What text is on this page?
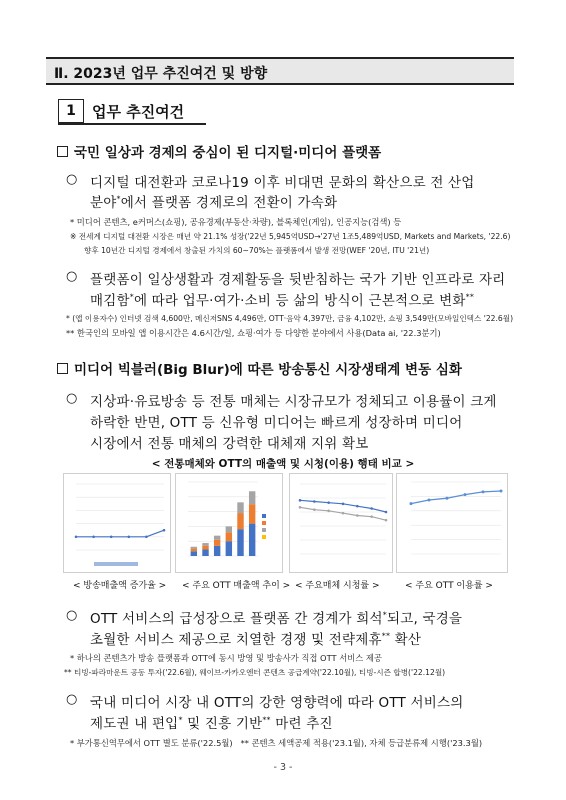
Ⅱ. 2023년 업무 추진여건 및 방향
1	업무 추진여건
국민 일상과 경제의 중심이 된 디지털·미디어 플랫폼
○ 디지털 대전환과 코로나19 이후 비대면 문화의 확산으로 전 산업
분야*에서 플랫폼 경제로의 전환이 가속화
* 미디어 콘텐츠, e커머스(쇼핑), 공유경제(부동산·차량), 블록체인(게임), 인공지능(검색) 등
※ 전세계 디지털 대전환 시장은 매년 약 21.1% 성장('22년 5,945억USD→'27년 1조5,489억USD, Markets and Markets, '22.6)
향후 10년간 디지털 경제에서 창출된 가치의 60~70%는 플랫폼에서 발생 전망(WEF '20년, ITU '21년)
○ 플랫폼이 일상생활과 경제활동을 뒷받침하는 국가 기반 인프라로 자리
매김함*에 따라 업무·여가·소비 등 삶의 방식이 근본적으로 변화**
* (앱 이용자수) 인터넷 검색 4,600만, 메신저SNS 4,496만, OTT·음악 4,397만, 금융 4,102만, 쇼핑 3,549만(모바일인덱스 '22.6월)
** 한국인의 모바일 앱 이용시간은 4.6시간/일, 쇼핑·여가 등 다양한 분야에서 사용(Data ai, '22.3분기)
미디어 빅블러(Big Blur)에 따른 방송통신 시장생태계 변동 심화
○ 지상파·유료방송 등 전통 매체는 시장규모가 정체되고 이용률이 크게
하락한 반면, OTT 등 신유형 미디어는 빠르게 성장하며 미디어
시장에서 전통 매체의 강력한 대체재 지위 확보
< 전통매체와 OTT의 매출액 및 시청(이용) 행태 비교 >
< 방송매출액 증가율 > < 주요 OTT 매출액 추이 > < 주요매체 시청률 >	< 주요 OTT 이용률 >
○ OTT 서비스의 급성장으로 플랫폼 간 경계가 희석*되고, 국경을
초월한 서비스 제공으로 치열한 경쟁 및 전략제휴** 확산
* 하나의 콘텐츠가 방송 플랫폼과 OTT에 동시 방영 및 방송사가 직접 OTT 서비스 제공
** 티빙-파라마운트 공동 투자('22.6월), 웨이브-카카오엔터 콘텐츠 공급계약('22.10월), 티빙-시즌 합병('22.12월)
○ 국내 미디어 시장 내 OTT의 강한 영향력에 따라 OTT 서비스의
제도권 내 편입* 및 진흥 기반** 마련 추진
* 부가통신역무에서 OTT 별도 분류('22.5월) ** 콘텐츠 세액공제 적용('23.1월), 자체 등급분류제 시행('23.3월)
- 3 -
